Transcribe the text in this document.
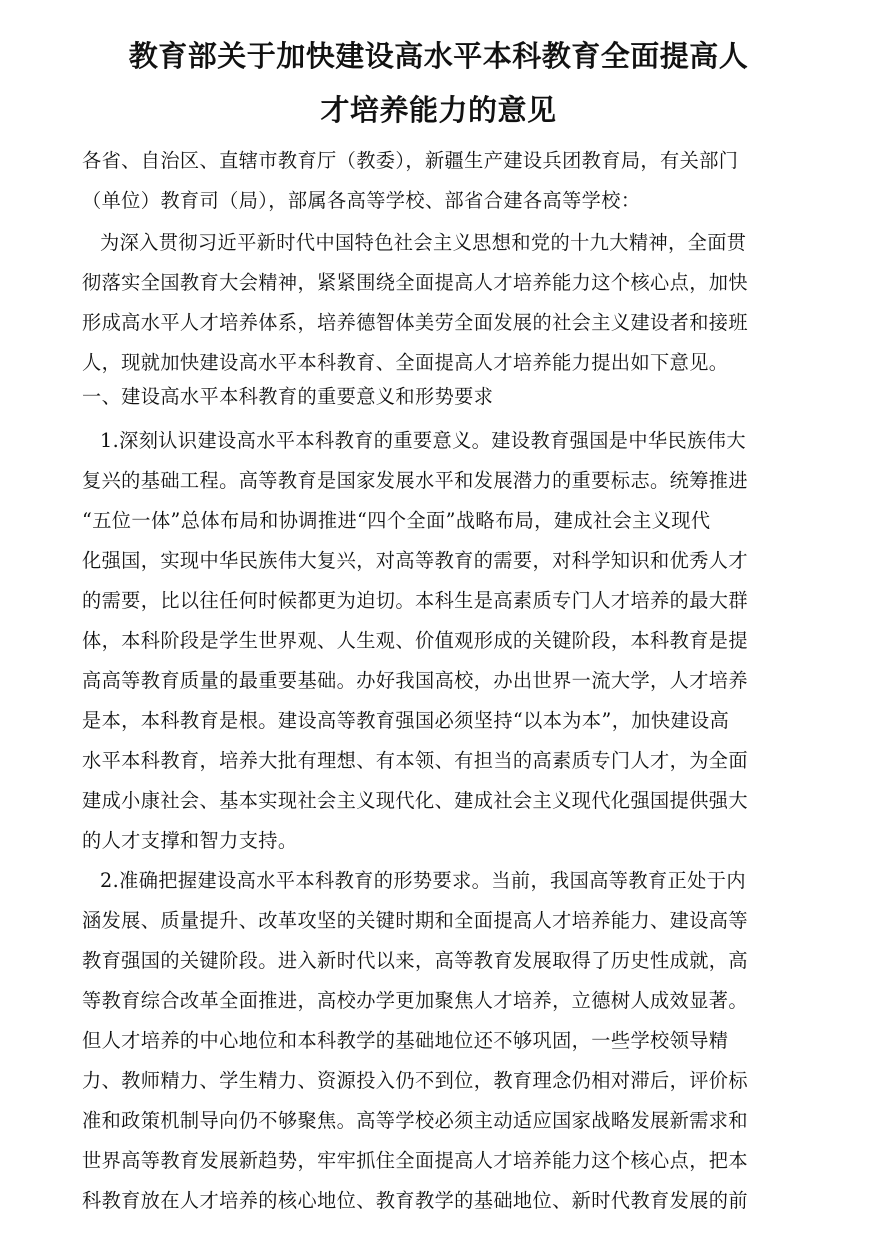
教育部关于加快建设高水平本科教育全面提高人
才培养能力的意见
各省、自治区、直辖市教育厅（教委），新疆生产建设兵团教育局，有关部门
（单位）教育司（局），部属各高等学校、部省合建各高等学校：
为深入贯彻习近平新时代中国特色社会主义思想和党的十九大精神，全面贯
彻落实全国教育大会精神，紧紧围绕全面提高人才培养能力这个核心点，加快
形成高水平人才培养体系，培养德智体美劳全面发展的社会主义建设者和接班
人，现就加快建设高水平本科教育、全面提高人才培养能力提出如下意见。
一、建设高水平本科教育的重要意义和形势要求
1.深刻认识建设高水平本科教育的重要意义。建设教育强国是中华民族伟大
复兴的基础工程。高等教育是国家发展水平和发展潜力的重要标志。统筹推进
“五位一体”总体布局和协调推进“四个全面”战略布局，建成社会主义现代
化强国，实现中华民族伟大复兴，对高等教育的需要，对科学知识和优秀人才
的需要，比以往任何时候都更为迫切。本科生是高素质专门人才培养的最大群
体，本科阶段是学生世界观、人生观、价值观形成的关键阶段，本科教育是提
高高等教育质量的最重要基础。办好我国高校，办出世界一流大学，人才培养
是本，本科教育是根。建设高等教育强国必须坚持“以本为本”，加快建设高
水平本科教育，培养大批有理想、有本领、有担当的高素质专门人才，为全面
建成小康社会、基本实现社会主义现代化、建成社会主义现代化强国提供强大
的人才支撑和智力支持。
2.准确把握建设高水平本科教育的形势要求。当前，我国高等教育正处于内
涵发展、质量提升、改革攻坚的关键时期和全面提高人才培养能力、建设高等
教育强国的关键阶段。进入新时代以来，高等教育发展取得了历史性成就，高
等教育综合改革全面推进，高校办学更加聚焦人才培养，立德树人成效显著。
但人才培养的中心地位和本科教学的基础地位还不够巩固，一些学校领导精
力、教师精力、学生精力、资源投入仍不到位，教育理念仍相对滞后，评价标
准和政策机制导向仍不够聚焦。高等学校必须主动适应国家战略发展新需求和
世界高等教育发展新趋势，牢牢抓住全面提高人才培养能力这个核心点，把本
科教育放在人才培养的核心地位、教育教学的基础地位、新时代教育发展的前
